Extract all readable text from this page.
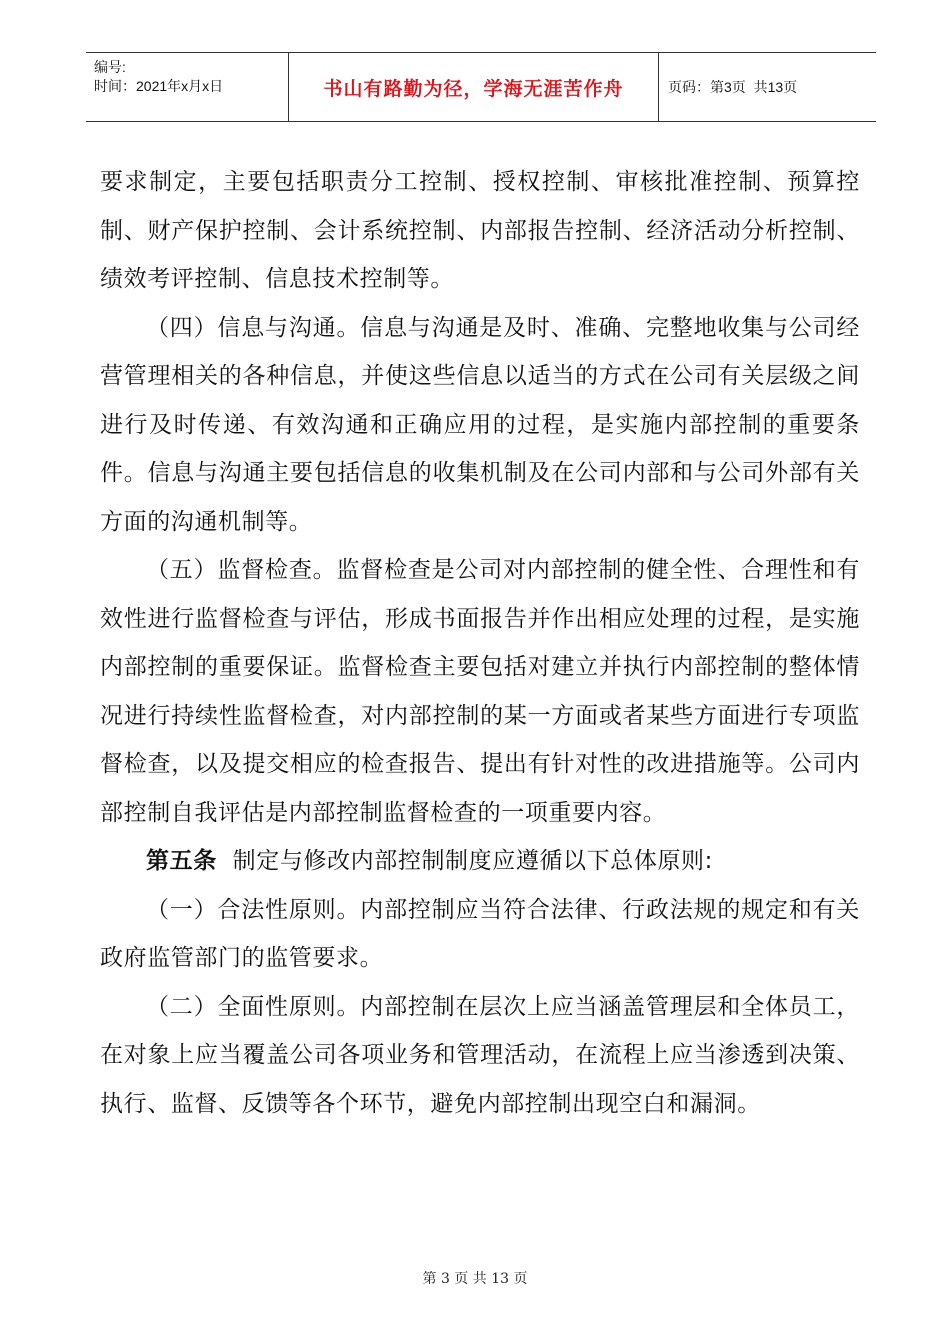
编号:
时间：2021年x月x日	书山有路勤为径，学海无涯苦作舟	页码：第3页  共13页

要求制定，主要包括职责分工控制、授权控制、审核批准控制、预算控制、财产保护控制、会计系统控制、内部报告控制、经济活动分析控制、绩效考评控制、信息技术控制等。

（四）信息与沟通。信息与沟通是及时、准确、完整地收集与公司经营管理相关的各种信息，并使这些信息以适当的方式在公司有关层级之间进行及时传递、有效沟通和正确应用的过程，是实施内部控制的重要条件。信息与沟通主要包括信息的收集机制及在公司内部和与公司外部有关方面的沟通机制等。

（五）监督检查。监督检查是公司对内部控制的健全性、合理性和有效性进行监督检查与评估，形成书面报告并作出相应处理的过程，是实施内部控制的重要保证。监督检查主要包括对建立并执行内部控制的整体情况进行持续性监督检查，对内部控制的某一方面或者某些方面进行专项监督检查，以及提交相应的检查报告、提出有针对性的改进措施等。公司内部控制自我评估是内部控制监督检查的一项重要内容。

第五条 制定与修改内部控制制度应遵循以下总体原则:

（一）合法性原则。内部控制应当符合法律、行政法规的规定和有关政府监管部门的监管要求。

（二）全面性原则。内部控制在层次上应当涵盖管理层和全体员工，在对象上应当覆盖公司各项业务和管理活动，在流程上应当渗透到决策、执行、监督、反馈等各个环节，避免内部控制出现空白和漏洞。

第 3 页 共 13 页
